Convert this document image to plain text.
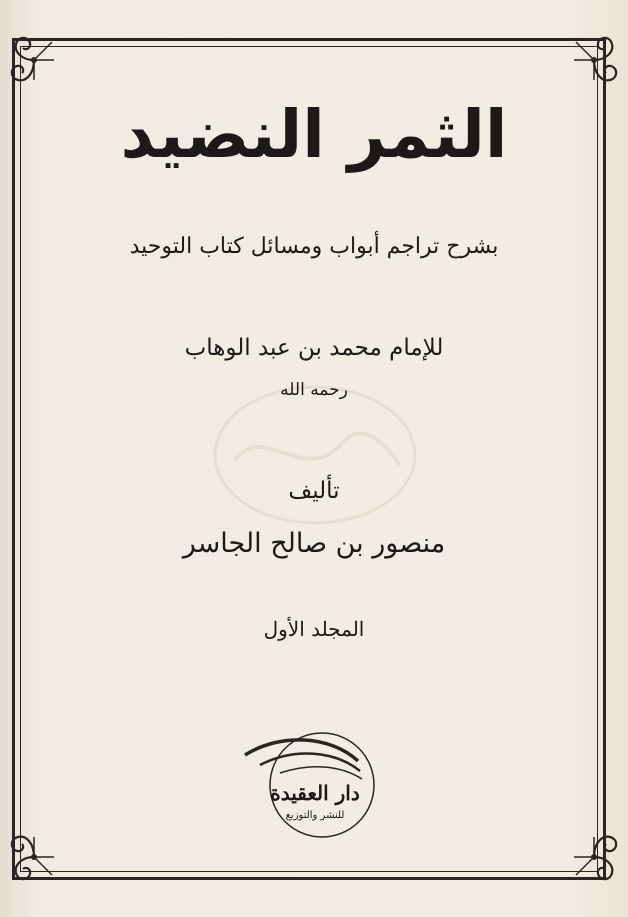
الثمر النضيد
بشرح تراجم أبواب ومسائل كتاب التوحيد
للإمام محمد بن عبد الوهاب
رحمه الله
تأليف
منصور بن صالح الجاسر
المجلد الأول
دار العقيدة
للنشر والتوزيع
